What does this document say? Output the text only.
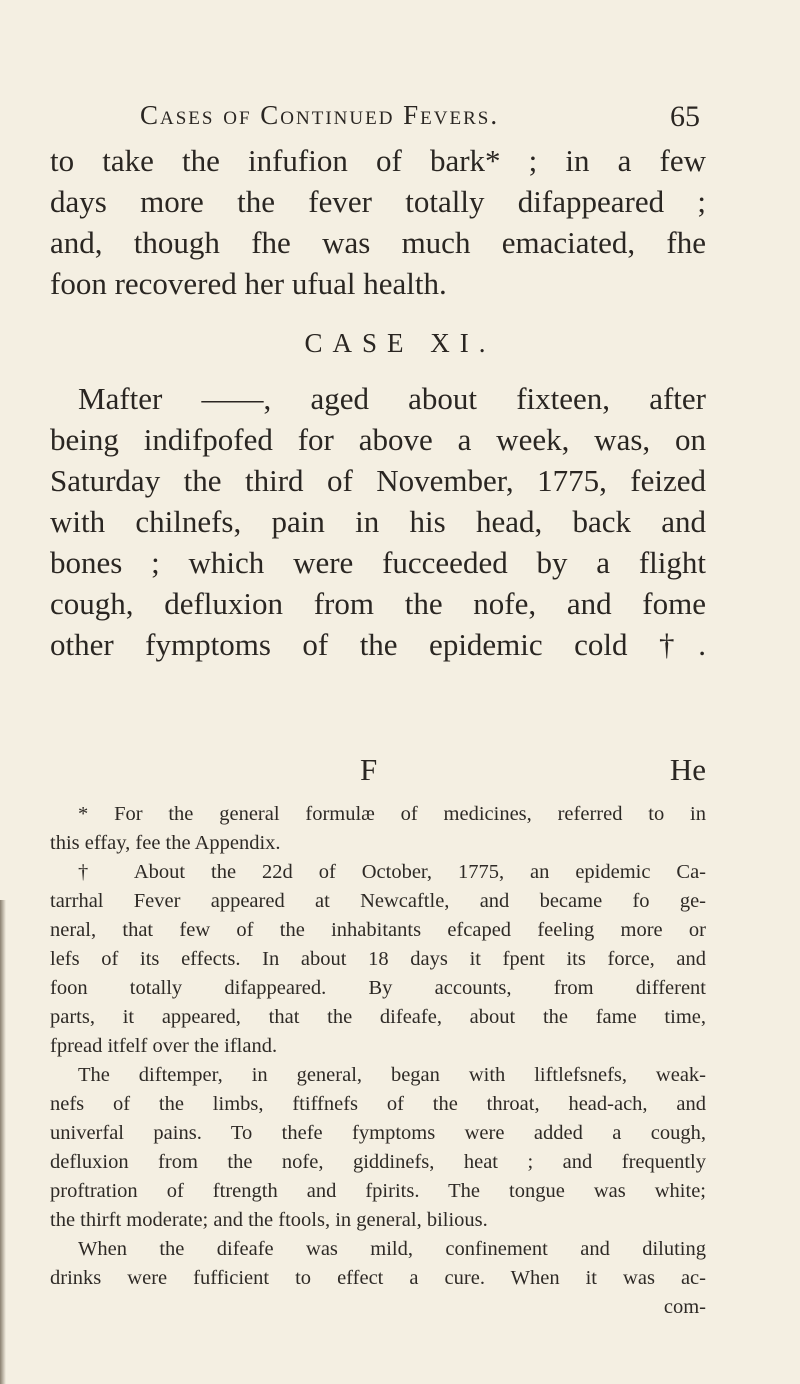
Cases of Continued Fevers.	65
to take the infufion of bark* ; in a few
days more the fever totally difappeared ;
and, though fhe was much emaciated, fhe
foon recovered her ufual health.
CASE XI.
Mafter ——, aged about fixteen, after
being indifpofed for above a week, was, on
Saturday the third of November, 1775, feized
with chilnefs, pain in his head, back and
bones ; which were fucceeded by a flight
cough, defluxion from the nofe, and fome
other fymptoms of the epidemic cold †.
F	He
* For the general formulæ of medicines, referred to in
this effay, fee the Appendix.
† About the 22d of October, 1775, an epidemic Ca-
tarrhal Fever appeared at Newcaftle, and became fo ge-
neral, that few of the inhabitants efcaped feeling more or
lefs of its effects. In about 18 days it fpent its force, and
foon totally difappeared. By accounts, from different
parts, it appeared, that the difeafe, about the fame time,
fpread itfelf over the ifland.
The diftemper, in general, began with liftlefsnefs, weak-
nefs of the limbs, ftiffnefs of the throat, head-ach, and
univerfal pains. To thefe fymptoms were added a cough,
defluxion from the nofe, giddinefs, heat ; and frequently
proftration of ftrength and fpirits. The tongue was white;
the thirft moderate; and the ftools, in general, bilious.
When the difeafe was mild, confinement and diluting
drinks were fufficient to effect a cure. When it was ac-
com-
